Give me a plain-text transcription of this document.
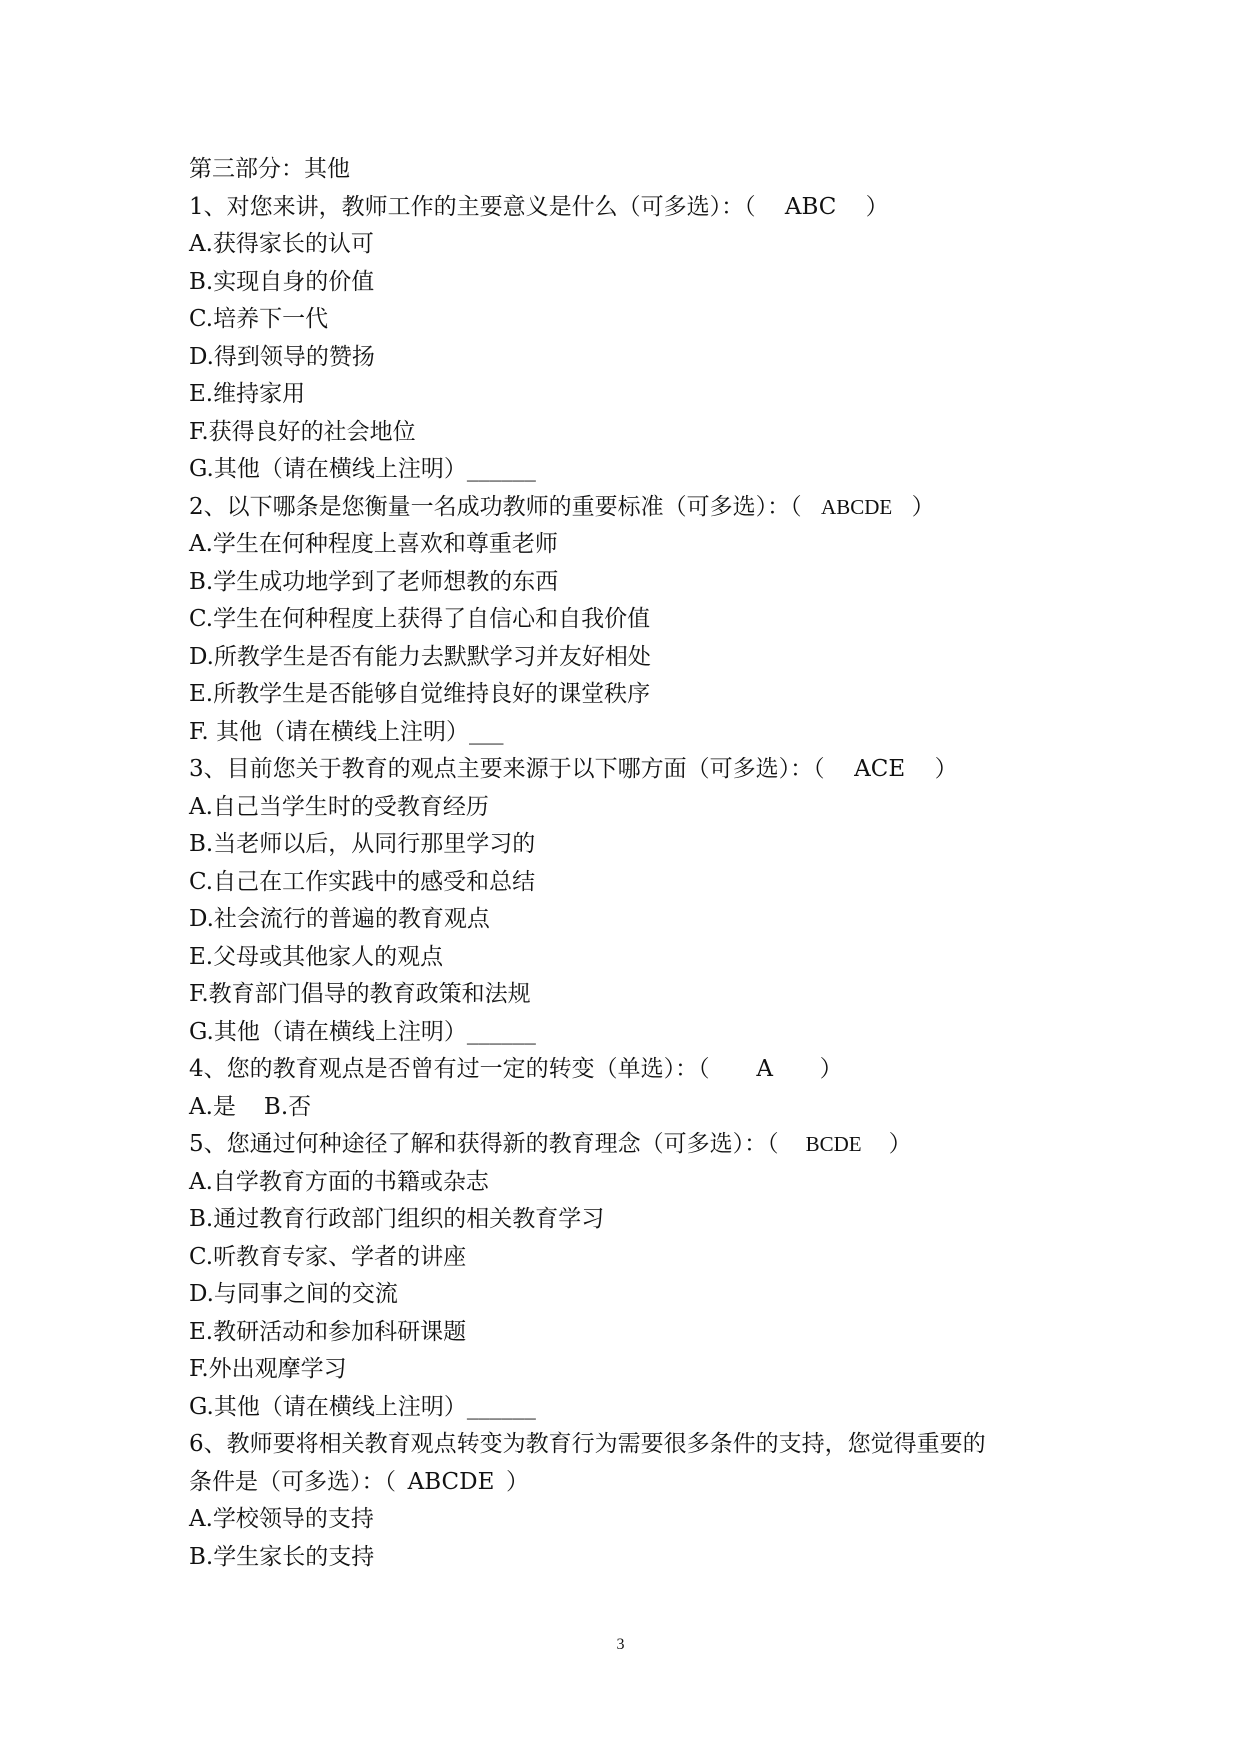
第三部分：其他
1、对您来讲，教师工作的主要意义是什么（可多选）：（ ABC ）
A.获得家长的认可
B.实现自身的价值
C.培养下一代
D.得到领导的赞扬
E.维持家用
F.获得良好的社会地位
G.其他（请在横线上注明）______
2、以下哪条是您衡量一名成功教师的重要标准（可多选）：（ ABCDE ）
A.学生在何种程度上喜欢和尊重老师
B.学生成功地学到了老师想教的东西
C.学生在何种程度上获得了自信心和自我价值
D.所教学生是否有能力去默默学习并友好相处
E.所教学生是否能够自觉维持良好的课堂秩序
F. 其他（请在横线上注明）___
3、目前您关于教育的观点主要来源于以下哪方面（可多选）：（ ACE ）
A.自己当学生时的受教育经历
B.当老师以后，从同行那里学习的
C.自己在工作实践中的感受和总结
D.社会流行的普遍的教育观点
E.父母或其他家人的观点
F.教育部门倡导的教育政策和法规
G.其他（请在横线上注明）______
4、您的教育观点是否曾有过一定的转变（单选）：（ A ）
A.是 B.否
5、您通过何种途径了解和获得新的教育理念（可多选）：（ BCDE ）
A.自学教育方面的书籍或杂志
B.通过教育行政部门组织的相关教育学习
C.听教育专家、学者的讲座
D.与同事之间的交流
E.教研活动和参加科研课题
F.外出观摩学习
G.其他（请在横线上注明）______
6、教师要将相关教育观点转变为教育行为需要很多条件的支持，您觉得重要的
条件是（可多选）：（ ABCDE ）
A.学校领导的支持
B.学生家长的支持
3
